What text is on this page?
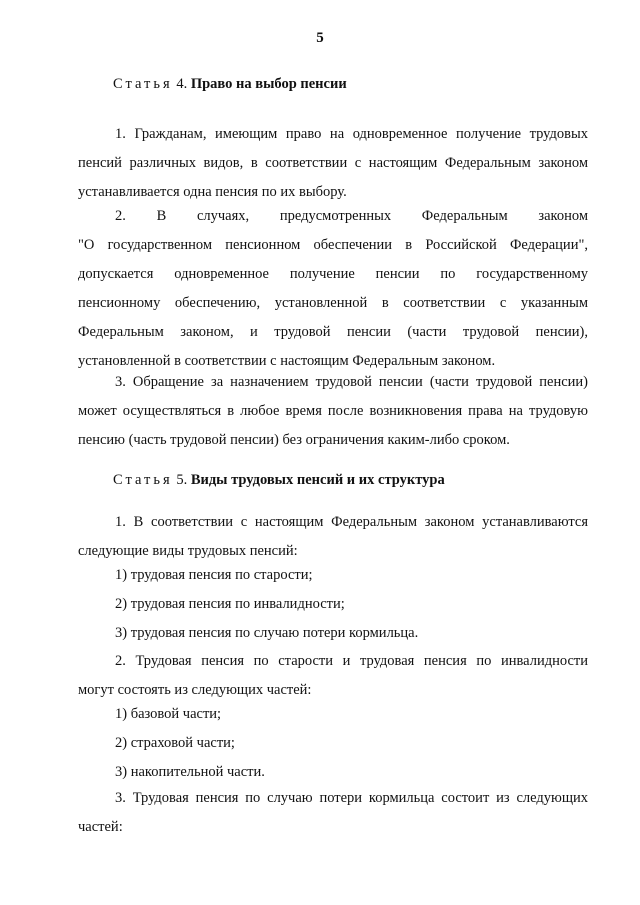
5
Статья 4. Право на выбор пенсии
1. Гражданам, имеющим право на одновременное получение трудовых
пенсий различных видов, в соответствии с настоящим Федеральным законом
устанавливается одна пенсия по их выбору.
2. В случаях, предусмотренных Федеральным законом
"О государственном пенсионном обеспечении в Российской Федерации",
допускается одновременное получение пенсии по государственному
пенсионному обеспечению, установленной в соответствии с указанным
Федеральным законом, и трудовой пенсии (части трудовой пенсии),
установленной в соответствии с настоящим Федеральным законом.
3. Обращение за назначением трудовой пенсии (части трудовой пенсии)
может осуществляться в любое время после возникновения права на трудовую
пенсию (часть трудовой пенсии) без ограничения каким-либо сроком.
Статья 5. Виды трудовых пенсий и их структура
1. В соответствии с настоящим Федеральным законом устанавливаются
следующие виды трудовых пенсий:
1) трудовая пенсия по старости;
2) трудовая пенсия по инвалидности;
3) трудовая пенсия по случаю потери кормильца.
2. Трудовая пенсия по старости и трудовая пенсия по инвалидности
могут состоять из следующих частей:
1) базовой части;
2) страховой части;
3) накопительной части.
3. Трудовая пенсия по случаю потери кормильца состоит из следующих
частей:
